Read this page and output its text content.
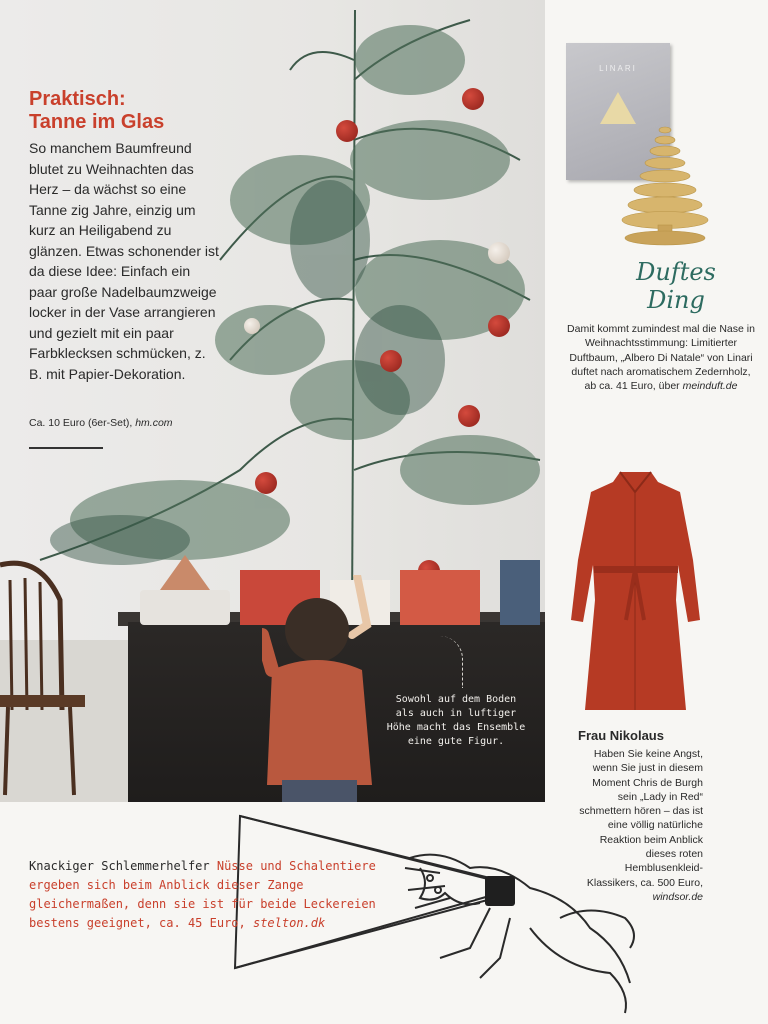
Sowohl auf dem Boden als auch in luftiger Höhe macht das Ensemble eine gute Figur.
Praktisch:
Tanne im Glas
So manchem Baumfreund blutet zu Weihnachten das Herz – da wächst so eine Tanne zig Jahre, einzig um kurz an Heiligabend zu glänzen. Etwas schonender ist da diese Idee: Einfach ein paar große Nadelbaumzweige locker in der Vase arrangieren und gezielt mit ein paar Farbklecksen schmücken, z. B. mit Papier-Dekoration.
Ca. 10 Euro (6er-Set), hm.com
LINARI
Duftes
Ding
Damit kommt zumindest mal die Nase in Weihnachtsstimmung: Limitierter Duftbaum, „Albero Di Natale“ von Linari duftet nach aromatischem Zedernholz, ab ca. 41 Euro, über meinduft.de
Frau Nikolaus
Haben Sie keine Angst, wenn Sie just in diesem Moment Chris de Burgh sein „Lady in Red“ schmettern hören – das ist eine völlig natürliche Reaktion beim Anblick dieses roten Hemblusenkleid-Klassikers, ca. 500 Euro, windsor.de
Knackiger Schlemmerhelfer Nüsse und Schalentiere ergeben sich beim Anblick dieser Zange gleichermaßen, denn sie ist für beide Leckereien bestens geeignet, ca. 45 Euro, stelton.dk
